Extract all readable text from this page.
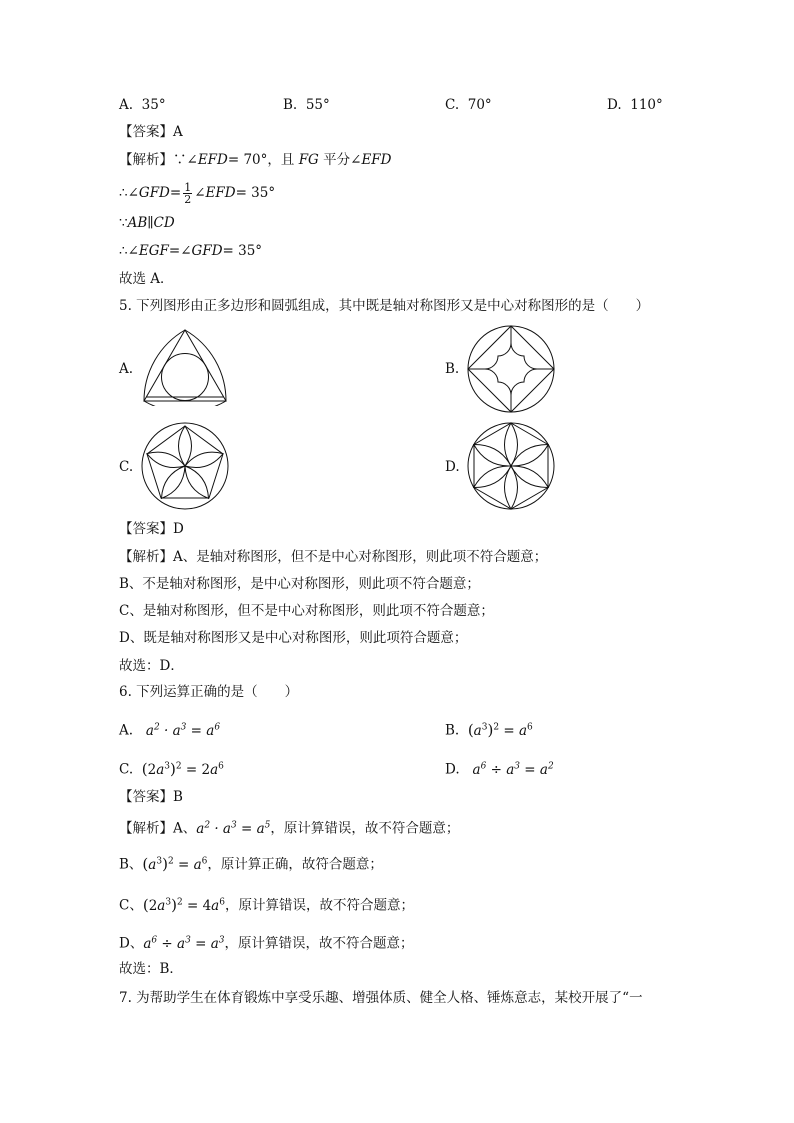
A. 35°	B. 55°	C. 70°	D. 110°
【答案】A
【解析】∵∠EFD= 70°，且 FG 平分∠EFD
∴∠GFD= $\frac{1}{2}$ ∠EFD= 35°
∵AB∥CD
∴∠EGF=∠GFD= 35°
故选 A．
5. 下列图形由正多边形和圆弧组成，其中既是轴对称图形又是中心对称图形的是（　　）
A.	B.
C.	D.
【答案】D
【解析】A、是轴对称图形，但不是中心对称图形，则此项不符合题意；
B、不是轴对称图形，是中心对称图形，则此项不符合题意；
C、是轴对称图形，但不是中心对称图形，则此项不符合题意；
D、既是轴对称图形又是中心对称图形，则此项符合题意；
故选：D．
6. 下列运算正确的是（　　）
A. $a^2 \cdot a^3 = a^6$	B. $(a^3)^2 = a^6$
C. $(2a^3)^2 = 2a^6$	D. $a^6 \div a^3 = a^2$
【答案】B
【解析】A、$a^2 \cdot a^3 = a^5$，原计算错误，故不符合题意；
B、$(a^3)^2 = a^6$，原计算正确，故符合题意；
C、$(2a^3)^2 = 4a^6$，原计算错误，故不符合题意；
D、$a^6 \div a^3 = a^3$，原计算错误，故不符合题意；
故选：B．
7. 为帮助学生在体育锻炼中享受乐趣、增强体质、健全人格、锤炼意志，某校开展了“一
